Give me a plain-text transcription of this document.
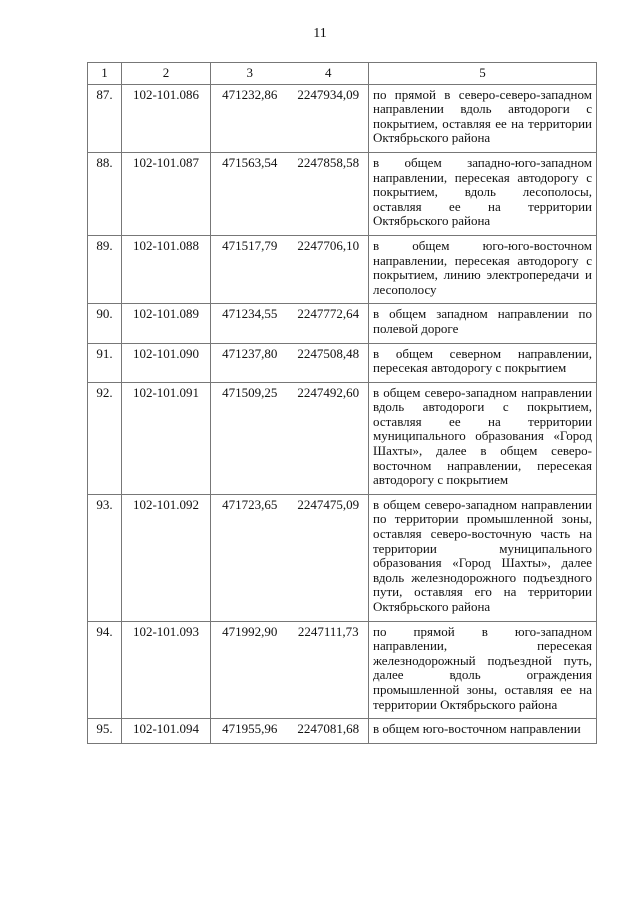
11
1	2	3	4	5
87.	102-101.086	471232,86	2247934,09	по прямой в северо-северо-западном направлении вдоль автодороги с покрытием, оставляя ее на территории Октябрьского района
88.	102-101.087	471563,54	2247858,58	в общем западно-юго-западном направлении, пересекая автодорогу с покрытием, вдоль лесополосы, оставляя ее на территории Октябрьского района
89.	102-101.088	471517,79	2247706,10	в общем юго-юго-восточном направлении, пересекая автодорогу с покрытием, линию электропередачи и лесополосу
90.	102-101.089	471234,55	2247772,64	в общем западном направлении по полевой дороге
91.	102-101.090	471237,80	2247508,48	в общем северном направлении, пересекая автодорогу с покрытием
92.	102-101.091	471509,25	2247492,60	в общем северо-западном направлении вдоль автодороги с покрытием, оставляя ее на территории муниципального образования «Город Шахты», далее в общем северо-восточном направлении, пересекая автодорогу с покрытием
93.	102-101.092	471723,65	2247475,09	в общем северо-западном направлении по территории промышленной зоны, оставляя северо-восточную часть на территории муниципального образования «Город Шахты», далее вдоль железнодорожного подъездного пути, оставляя его на территории Октябрьского района
94.	102-101.093	471992,90	2247111,73	по прямой в юго-западном направлении, пересекая железнодорожный подъездной путь, далее вдоль ограждения промышленной зоны, оставляя ее на территории Октябрьского района
95.	102-101.094	471955,96	2247081,68	в общем юго-восточном направлении
